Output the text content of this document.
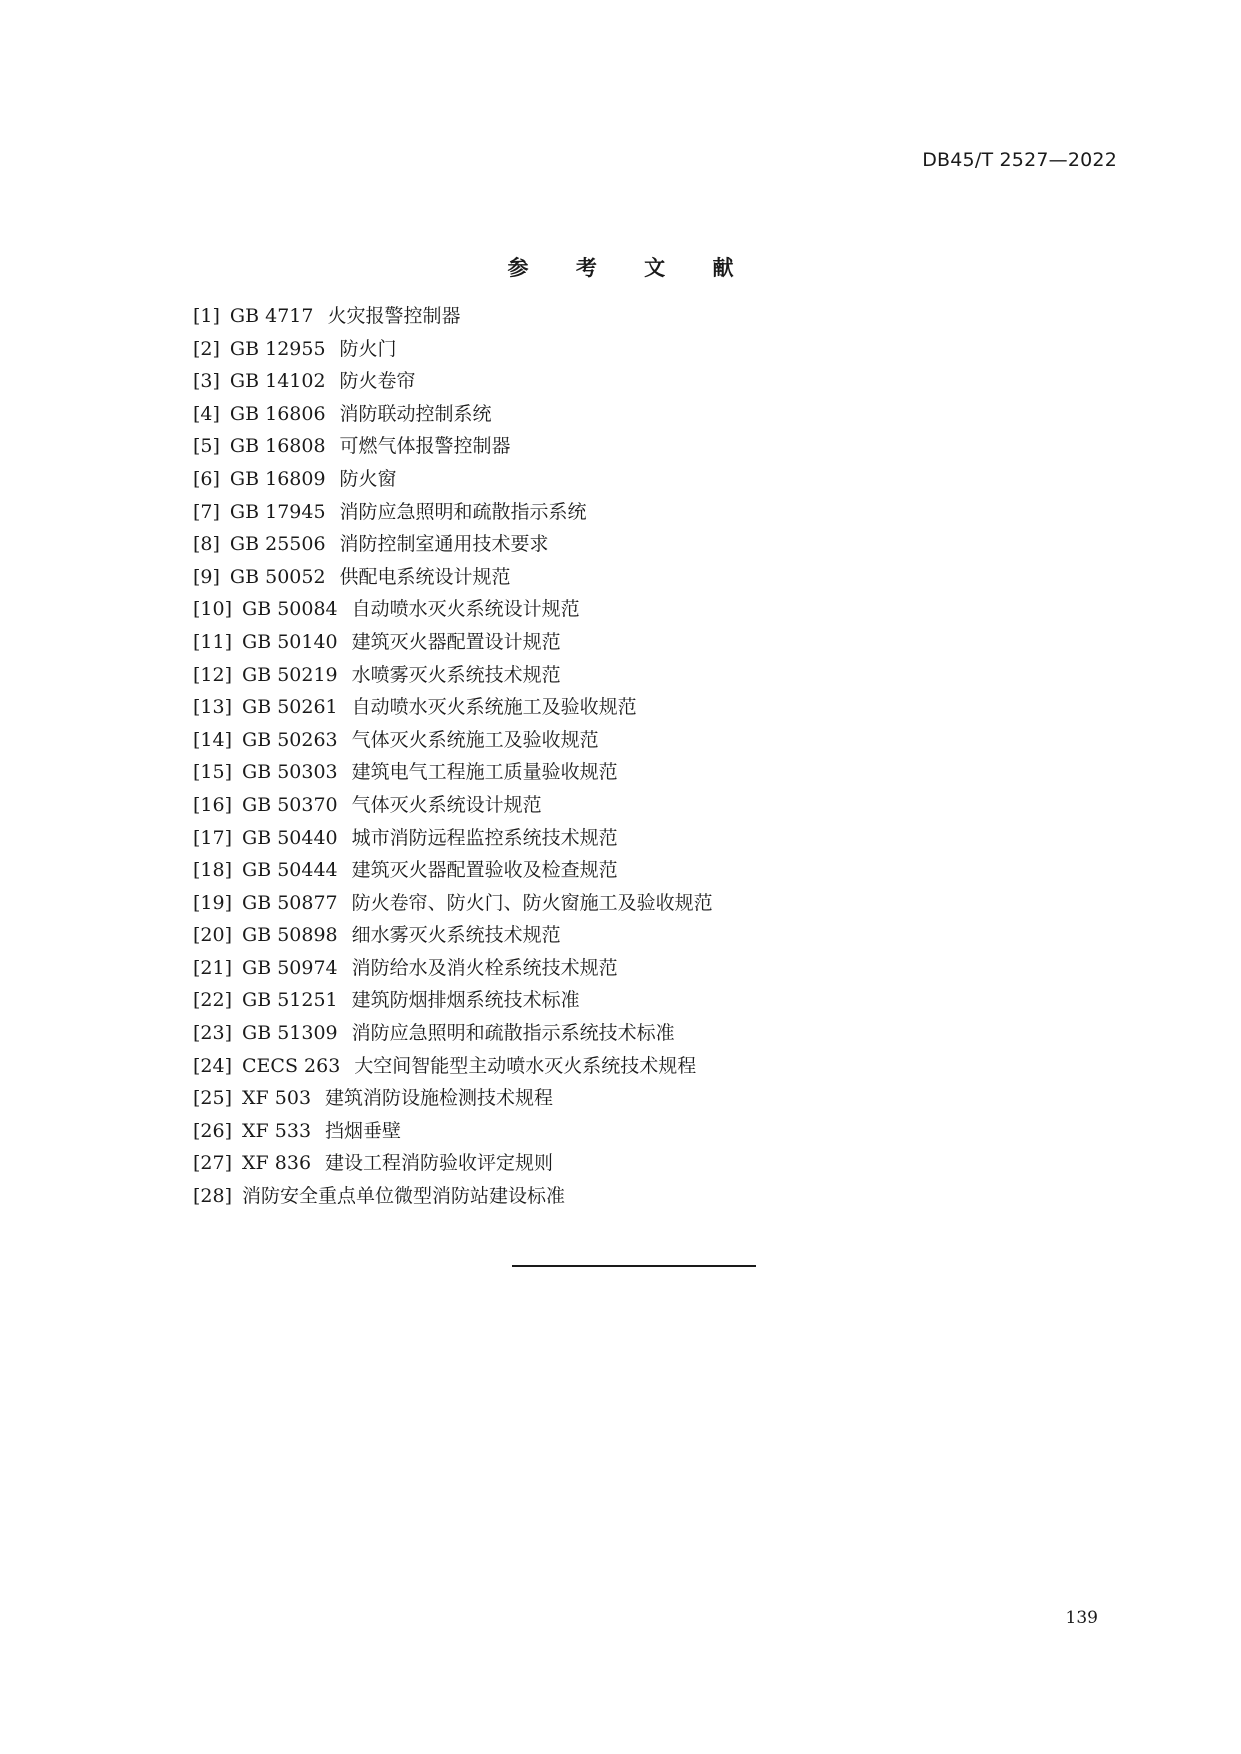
DB45/T 2527—2022
参 考 文 献
[1] GB 4717 火灾报警控制器
[2] GB 12955 防火门
[3] GB 14102 防火卷帘
[4] GB 16806 消防联动控制系统
[5] GB 16808 可燃气体报警控制器
[6] GB 16809 防火窗
[7] GB 17945 消防应急照明和疏散指示系统
[8] GB 25506 消防控制室通用技术要求
[9] GB 50052 供配电系统设计规范
[10] GB 50084 自动喷水灭火系统设计规范
[11] GB 50140 建筑灭火器配置设计规范
[12] GB 50219 水喷雾灭火系统技术规范
[13] GB 50261 自动喷水灭火系统施工及验收规范
[14] GB 50263 气体灭火系统施工及验收规范
[15] GB 50303 建筑电气工程施工质量验收规范
[16] GB 50370 气体灭火系统设计规范
[17] GB 50440 城市消防远程监控系统技术规范
[18] GB 50444 建筑灭火器配置验收及检查规范
[19] GB 50877 防火卷帘、防火门、防火窗施工及验收规范
[20] GB 50898 细水雾灭火系统技术规范
[21] GB 50974 消防给水及消火栓系统技术规范
[22] GB 51251 建筑防烟排烟系统技术标准
[23] GB 51309 消防应急照明和疏散指示系统技术标准
[24] CECS 263 大空间智能型主动喷水灭火系统技术规程
[25] XF 503 建筑消防设施检测技术规程
[26] XF 533 挡烟垂壁
[27] XF 836 建设工程消防验收评定规则
[28] 消防安全重点单位微型消防站建设标准
139
